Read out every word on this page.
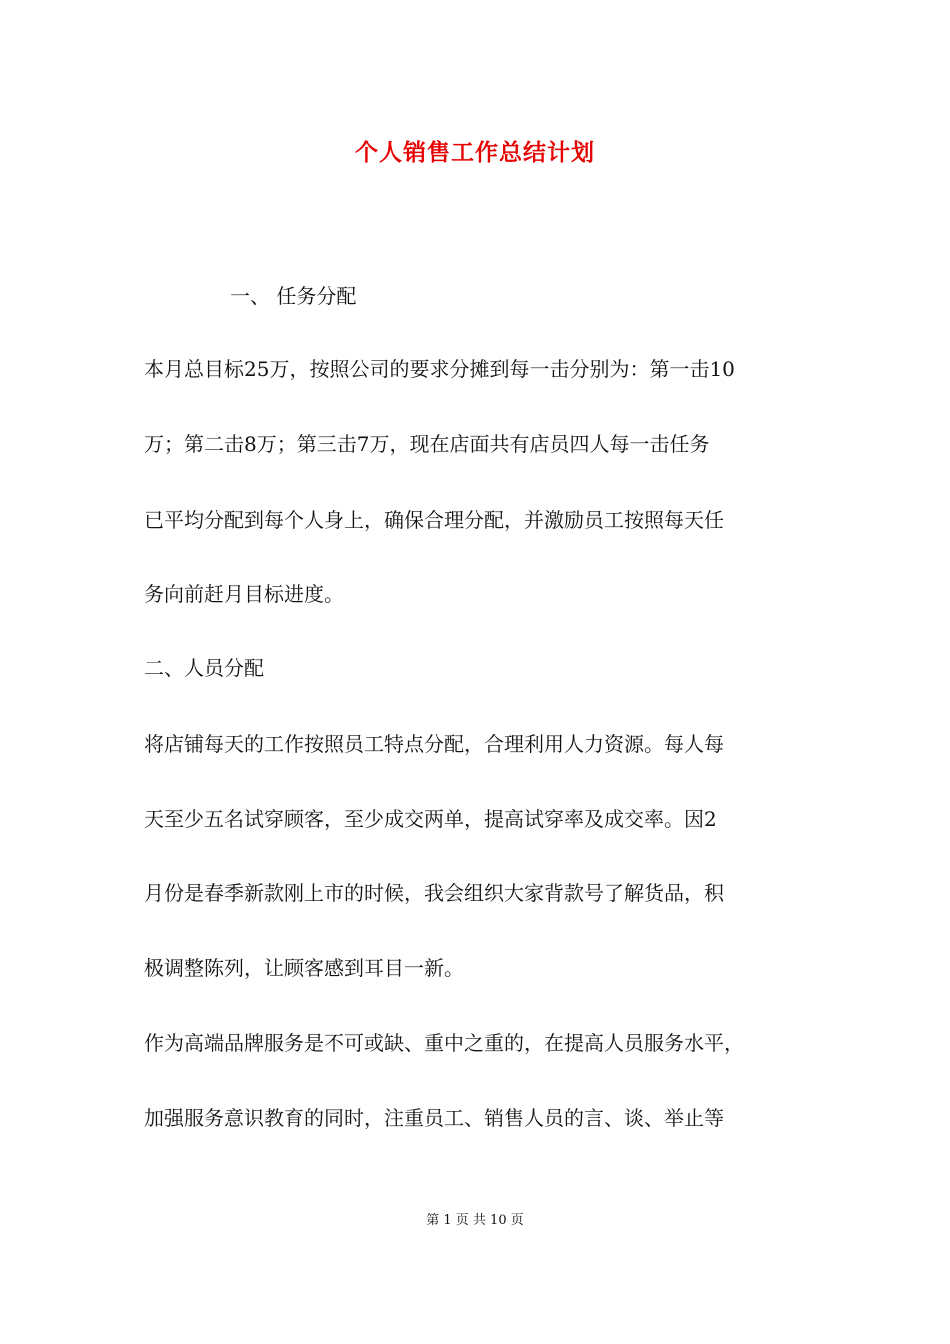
个人销售工作总结计划
一、 任务分配
本月总目标25万，按照公司的要求分摊到每一击分别为：第一击10
万；第二击8万；第三击7万，现在店面共有店员四人每一击任务
已平均分配到每个人身上，确保合理分配，并激励员工按照每天任
务向前赶月目标进度。
二、人员分配
将店铺每天的工作按照员工特点分配，合理利用人力资源。每人每
天至少五名试穿顾客，至少成交两单，提高试穿率及成交率。因2
月份是春季新款刚上市的时候，我会组织大家背款号了解货品，积
极调整陈列，让顾客感到耳目一新。
作为高端品牌服务是不可或缺、重中之重的，在提高人员服务水平，
加强服务意识教育的同时，注重员工、销售人员的言、谈、举止等
第 1 页 共 10 页
